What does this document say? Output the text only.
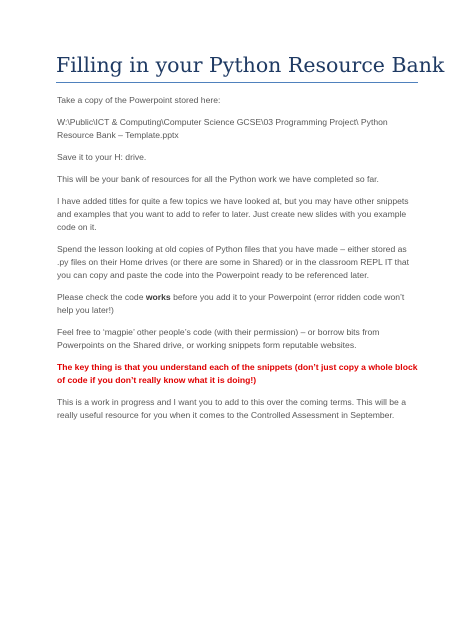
Filling in your Python Resource Bank

Take a copy of the Powerpoint stored here:

W:\Public\ICT & Computing\Computer Science GCSE\03 Programming Project\ Python Resource Bank – Template.pptx

Save it to your H: drive.

This will be your bank of resources for all the Python work we have completed so far.

I have added titles for quite a few topics we have looked at, but you may have other snippets and examples that you want to add to refer to later. Just create new slides with you example code on it.

Spend the lesson looking at old copies of Python files that you have made – either stored as .py files on their Home drives (or there are some in Shared) or in the classroom REPL IT that you can copy and paste the code into the Powerpoint ready to be referenced later.

Please check the code works before you add it to your Powerpoint (error ridden code won’t help you later!)

Feel free to ‘magpie’ other people’s code (with their permission) – or borrow bits from Powerpoints on the Shared drive, or working snippets form reputable websites.

The key thing is that you understand each of the snippets (don’t just copy a whole block of code if you don’t really know what it is doing!)

This is a work in progress and I want you to add to this over the coming terms. This will be a really useful resource for you when it comes to the Controlled Assessment in September.
